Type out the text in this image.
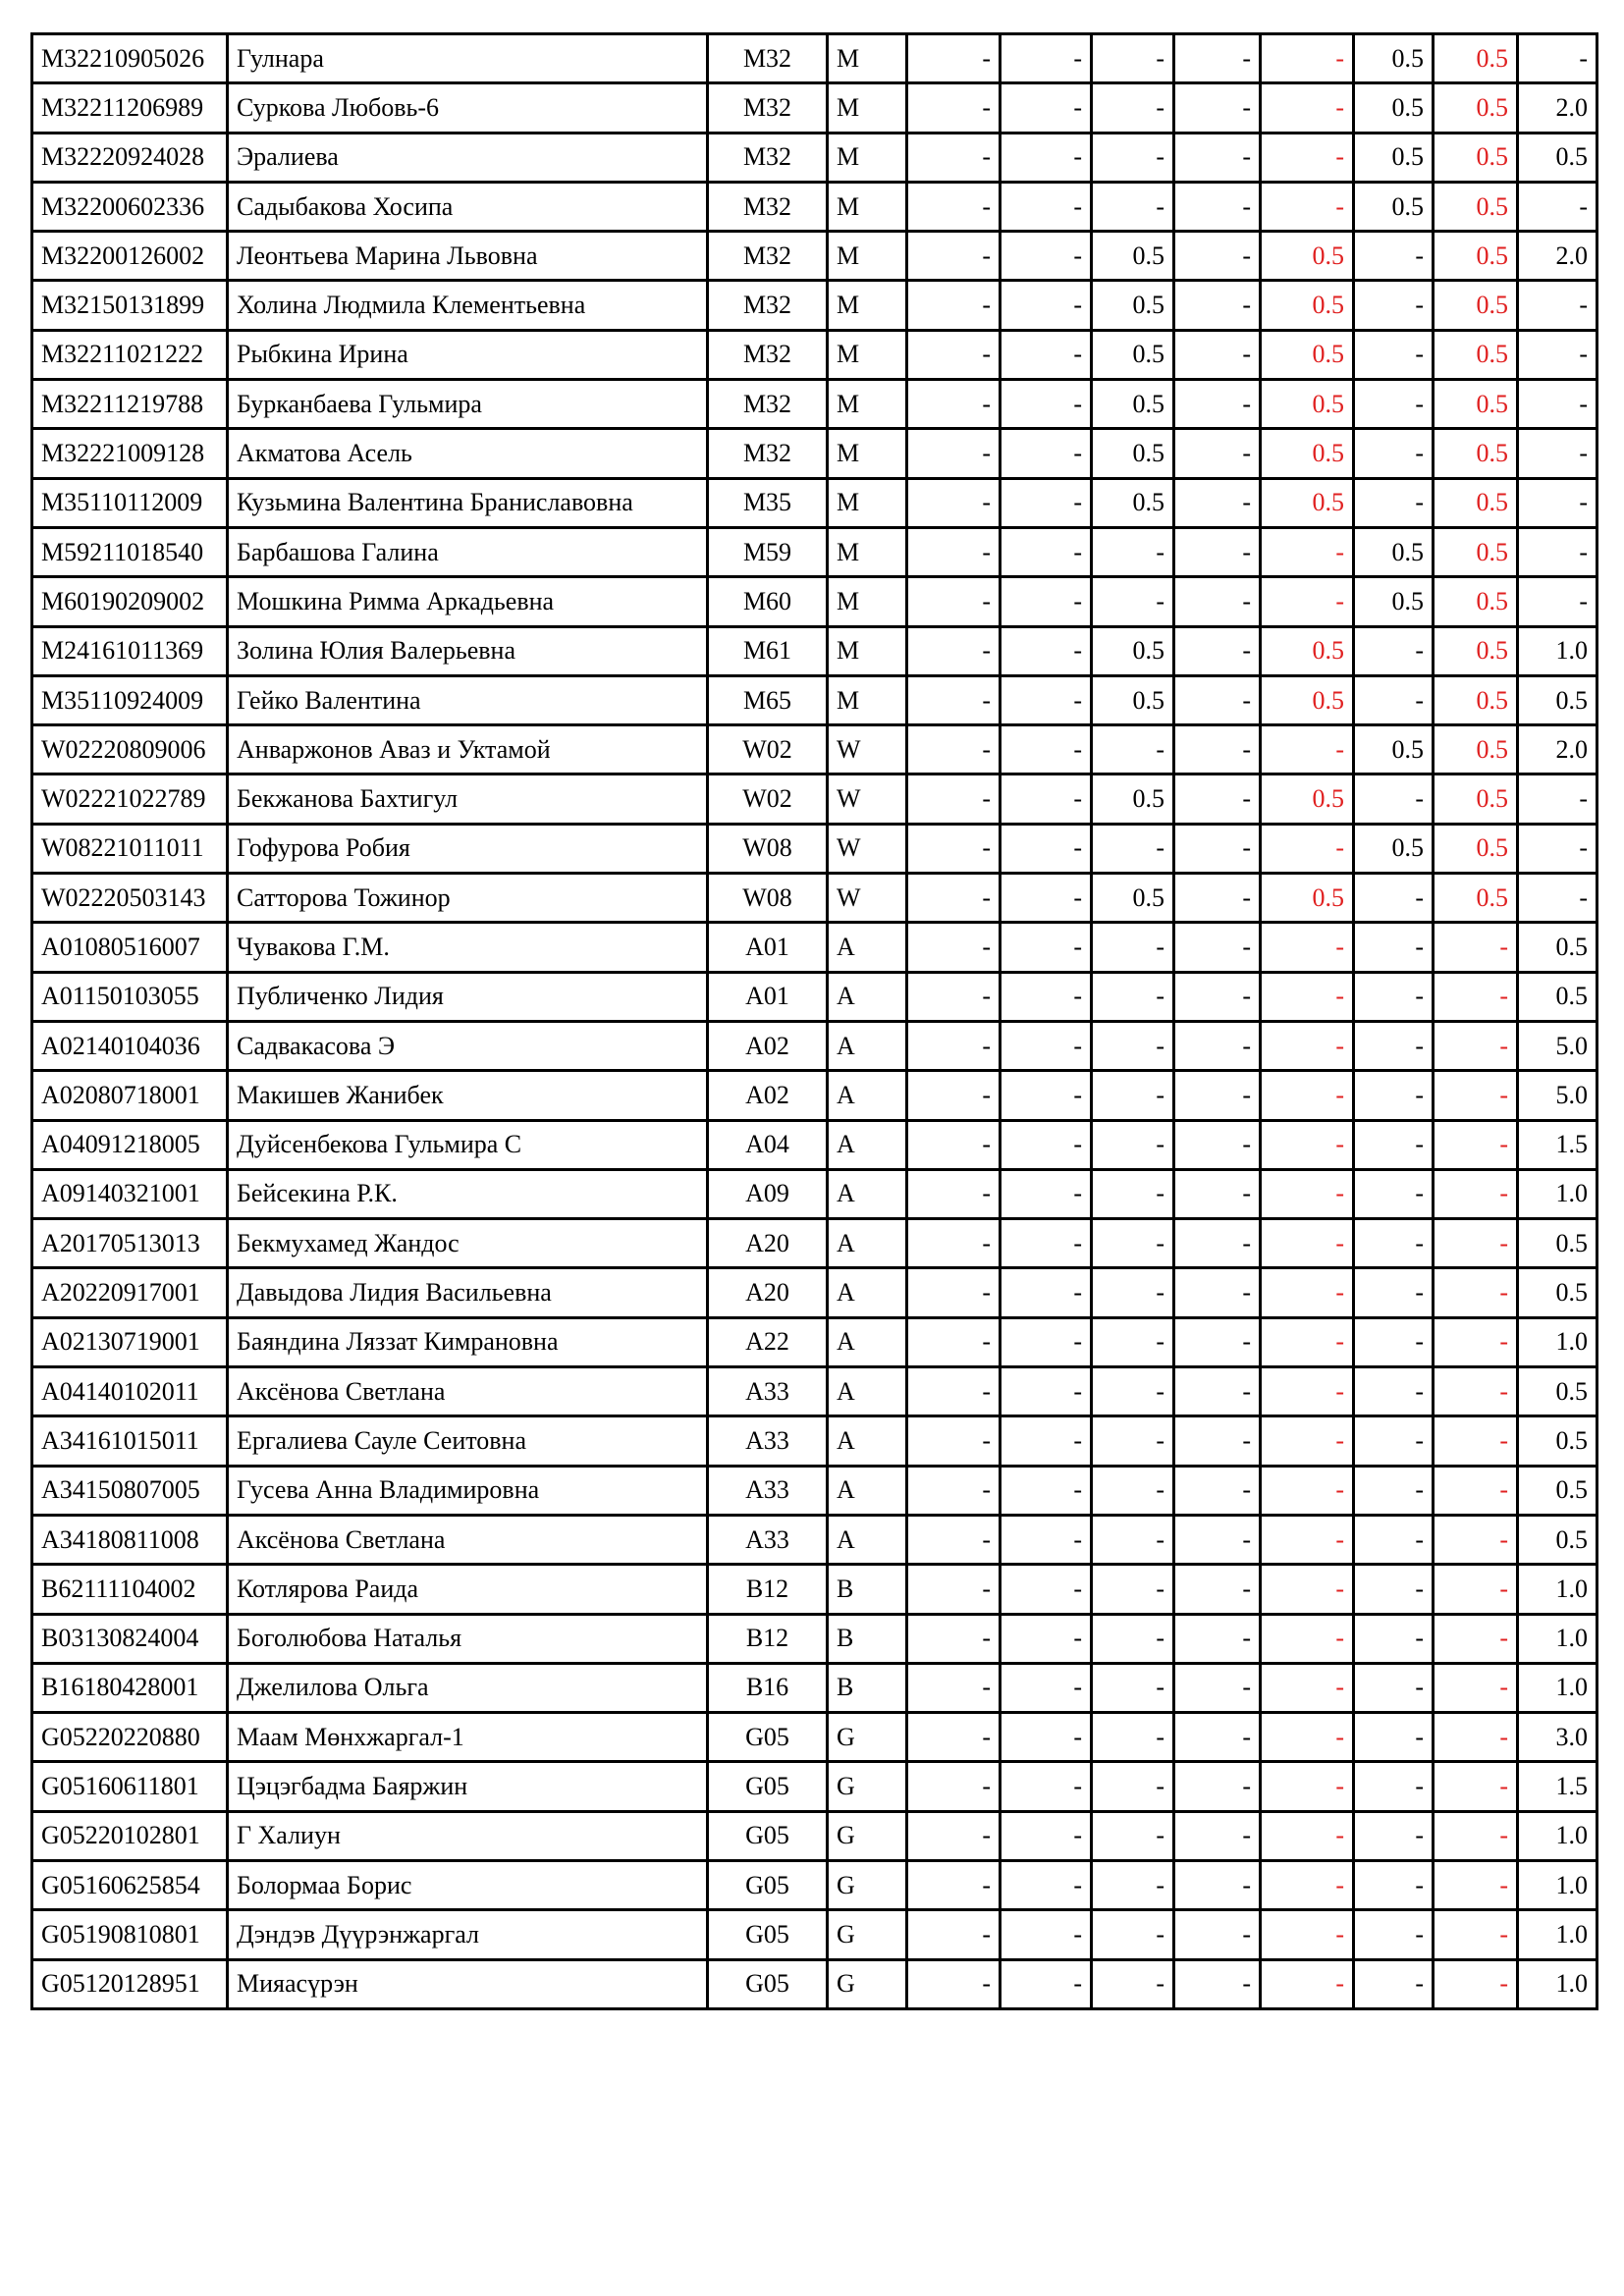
M32210905026	Гулнара	M32	M	-	-	-	-	-	0.5	0.5	-
M32211206989	Суркова Любовь-6	M32	M	-	-	-	-	-	0.5	0.5	2.0
M32220924028	Эралиева	M32	M	-	-	-	-	-	0.5	0.5	0.5
M32200602336	Садыбакова Хосипа	M32	M	-	-	-	-	-	0.5	0.5	-
M32200126002	Леонтьева Марина Львовна	M32	M	-	-	0.5	-	0.5	-	0.5	2.0
M32150131899	Холина Людмила Клементьевна	M32	M	-	-	0.5	-	0.5	-	0.5	-
M32211021222	Рыбкина Ирина	M32	M	-	-	0.5	-	0.5	-	0.5	-
M32211219788	Бурканбаева Гульмира	M32	M	-	-	0.5	-	0.5	-	0.5	-
M32221009128	Акматова Асель	M32	M	-	-	0.5	-	0.5	-	0.5	-
M35110112009	Кузьмина Валентина Браниславовна	M35	M	-	-	0.5	-	0.5	-	0.5	-
M59211018540	Барбашова Галина	M59	M	-	-	-	-	-	0.5	0.5	-
M60190209002	Мошкина Римма Аркадьевна	M60	M	-	-	-	-	-	0.5	0.5	-
M24161011369	Золина Юлия Валерьевна	M61	M	-	-	0.5	-	0.5	-	0.5	1.0
M35110924009	Гейко Валентина	M65	M	-	-	0.5	-	0.5	-	0.5	0.5
W02220809006	Анваржонов Аваз и Уктамой	W02	W	-	-	-	-	-	0.5	0.5	2.0
W02221022789	Бекжанова Бахтигул	W02	W	-	-	0.5	-	0.5	-	0.5	-
W08221011011	Гофурова Робия	W08	W	-	-	-	-	-	0.5	0.5	-
W02220503143	Сатторова Тожинор	W08	W	-	-	0.5	-	0.5	-	0.5	-
A01080516007	Чувакова Г.М.	A01	A	-	-	-	-	-	-	-	0.5
A01150103055	Публиченко Лидия	A01	A	-	-	-	-	-	-	-	0.5
A02140104036	Садвакасова Э	A02	A	-	-	-	-	-	-	-	5.0
A02080718001	Макишев Жанибек	A02	A	-	-	-	-	-	-	-	5.0
A04091218005	Дуйсенбекова Гульмира С	A04	A	-	-	-	-	-	-	-	1.5
A09140321001	Бейсекина Р.К.	A09	A	-	-	-	-	-	-	-	1.0
A20170513013	Бекмухамед Жандос	A20	A	-	-	-	-	-	-	-	0.5
A20220917001	Давыдова Лидия Васильевна	A20	A	-	-	-	-	-	-	-	0.5
A02130719001	Баяндина Ляззат Кимрановна	A22	A	-	-	-	-	-	-	-	1.0
A04140102011	Аксёнова Светлана	A33	A	-	-	-	-	-	-	-	0.5
A34161015011	Ергалиева Сауле Сеитовна	A33	A	-	-	-	-	-	-	-	0.5
A34150807005	Гусева Анна Владимировна	A33	A	-	-	-	-	-	-	-	0.5
A34180811008	Аксёнова Светлана	A33	A	-	-	-	-	-	-	-	0.5
B62111104002	Котлярова Раида	B12	B	-	-	-	-	-	-	-	1.0
B03130824004	Боголюбова Наталья	B12	B	-	-	-	-	-	-	-	1.0
B16180428001	Джелилова Ольга	B16	B	-	-	-	-	-	-	-	1.0
G05220220880	Маам Мөнхжаргал-1	G05	G	-	-	-	-	-	-	-	3.0
G05160611801	Цэцэгбадма Баяржин	G05	G	-	-	-	-	-	-	-	1.5
G05220102801	Г Халиун	G05	G	-	-	-	-	-	-	-	1.0
G05160625854	Болормаа Борис	G05	G	-	-	-	-	-	-	-	1.0
G05190810801	Дэндэв Дүүрэнжаргал	G05	G	-	-	-	-	-	-	-	1.0
G05120128951	Мияасүрэн	G05	G	-	-	-	-	-	-	-	1.0
